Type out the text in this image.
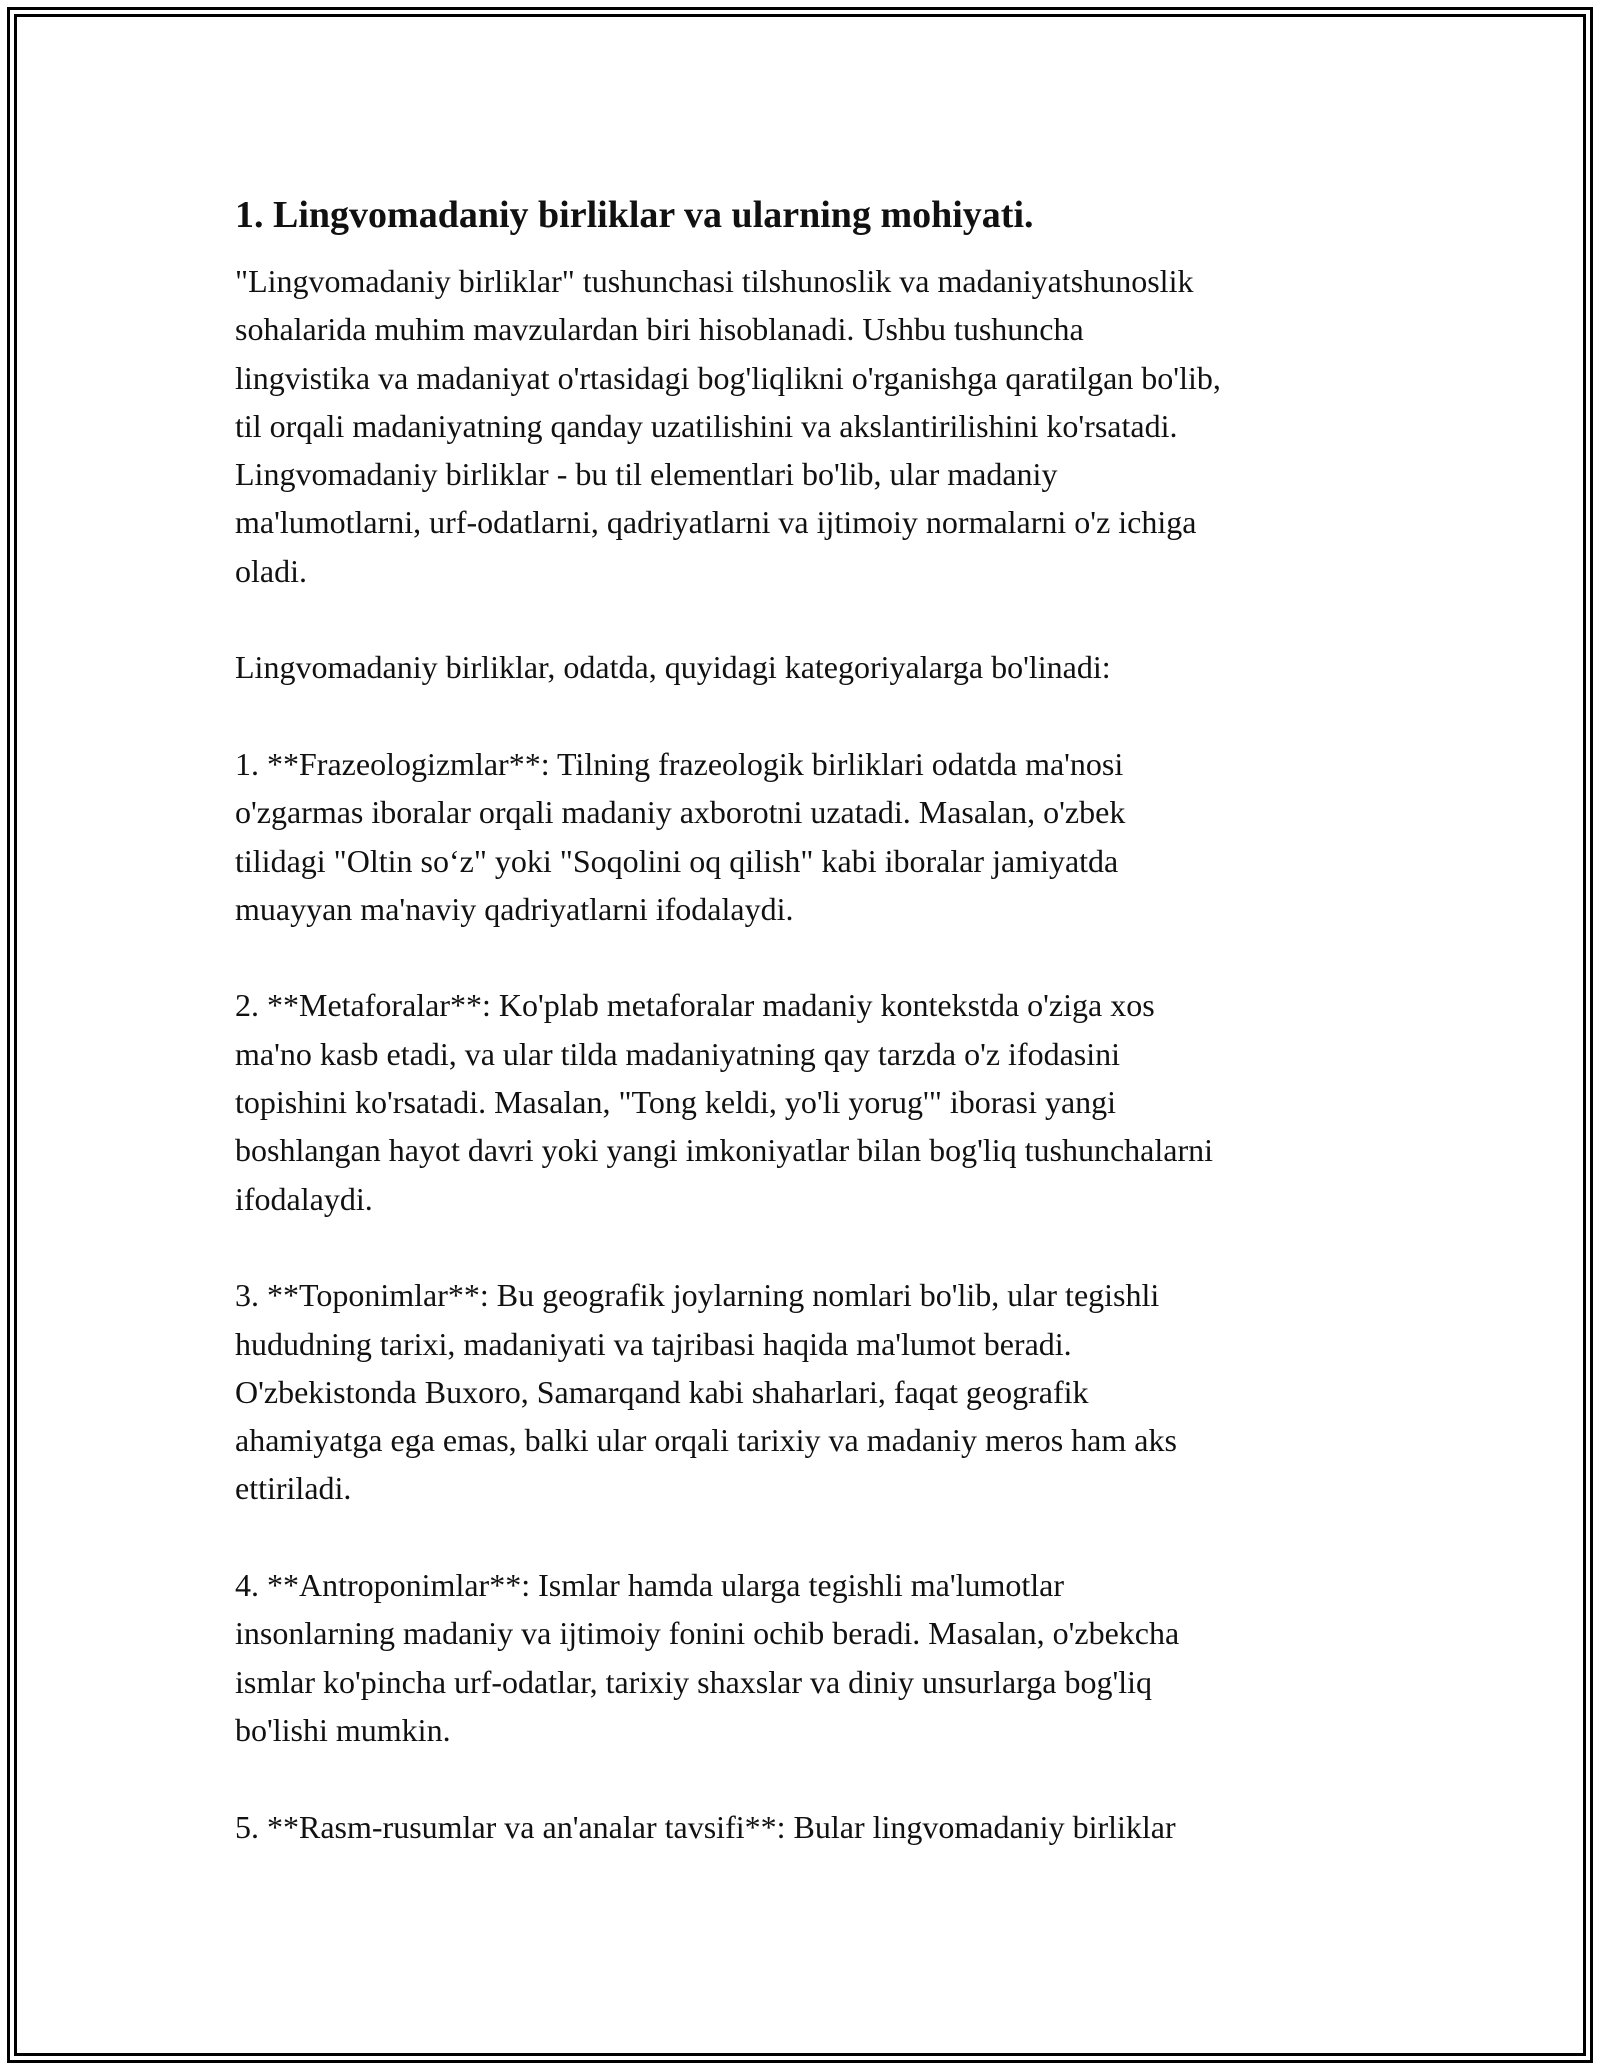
1. Lingvomadaniy birliklar va ularning mohiyati.
"Lingvomadaniy birliklar" tushunchasi tilshunoslik va madaniyatshunoslik
sohalarida muhim mavzulardan biri hisoblanadi. Ushbu tushuncha
lingvistika va madaniyat o'rtasidagi bog'liqlikni o'rganishga qaratilgan bo'lib,
til orqali madaniyatning qanday uzatilishini va akslantirilishini ko'rsatadi.
Lingvomadaniy birliklar - bu til elementlari bo'lib, ular madaniy
ma'lumotlarni, urf-odatlarni, qadriyatlarni va ijtimoiy normalarni o'z ichiga
oladi.
Lingvomadaniy birliklar, odatda, quyidagi kategoriyalarga bo'linadi:
1. **Frazeologizmlar**: Tilning frazeologik birliklari odatda ma'nosi
o'zgarmas iboralar orqali madaniy axborotni uzatadi. Masalan, o'zbek
tilidagi "Oltin so‘z" yoki "Soqolini oq qilish" kabi iboralar jamiyatda
muayyan ma'naviy qadriyatlarni ifodalaydi.
2. **Metaforalar**: Ko'plab metaforalar madaniy kontekstda o'ziga xos
ma'no kasb etadi, va ular tilda madaniyatning qay tarzda o'z ifodasini
topishini ko'rsatadi. Masalan, "Tong keldi, yo'li yorug'" iborasi yangi
boshlangan hayot davri yoki yangi imkoniyatlar bilan bog'liq tushunchalarni
ifodalaydi.
3. **Toponimlar**: Bu geografik joylarning nomlari bo'lib, ular tegishli
hududning tarixi, madaniyati va tajribasi haqida ma'lumot beradi.
O'zbekistonda Buxoro, Samarqand kabi shaharlari, faqat geografik
ahamiyatga ega emas, balki ular orqali tarixiy va madaniy meros ham aks
ettiriladi.
4. **Antroponimlar**: Ismlar hamda ularga tegishli ma'lumotlar
insonlarning madaniy va ijtimoiy fonini ochib beradi. Masalan, o'zbekcha
ismlar ko'pincha urf-odatlar, tarixiy shaxslar va diniy unsurlarga bog'liq
bo'lishi mumkin.
5. **Rasm-rusumlar va an'analar tavsifi**: Bular lingvomadaniy birliklar
